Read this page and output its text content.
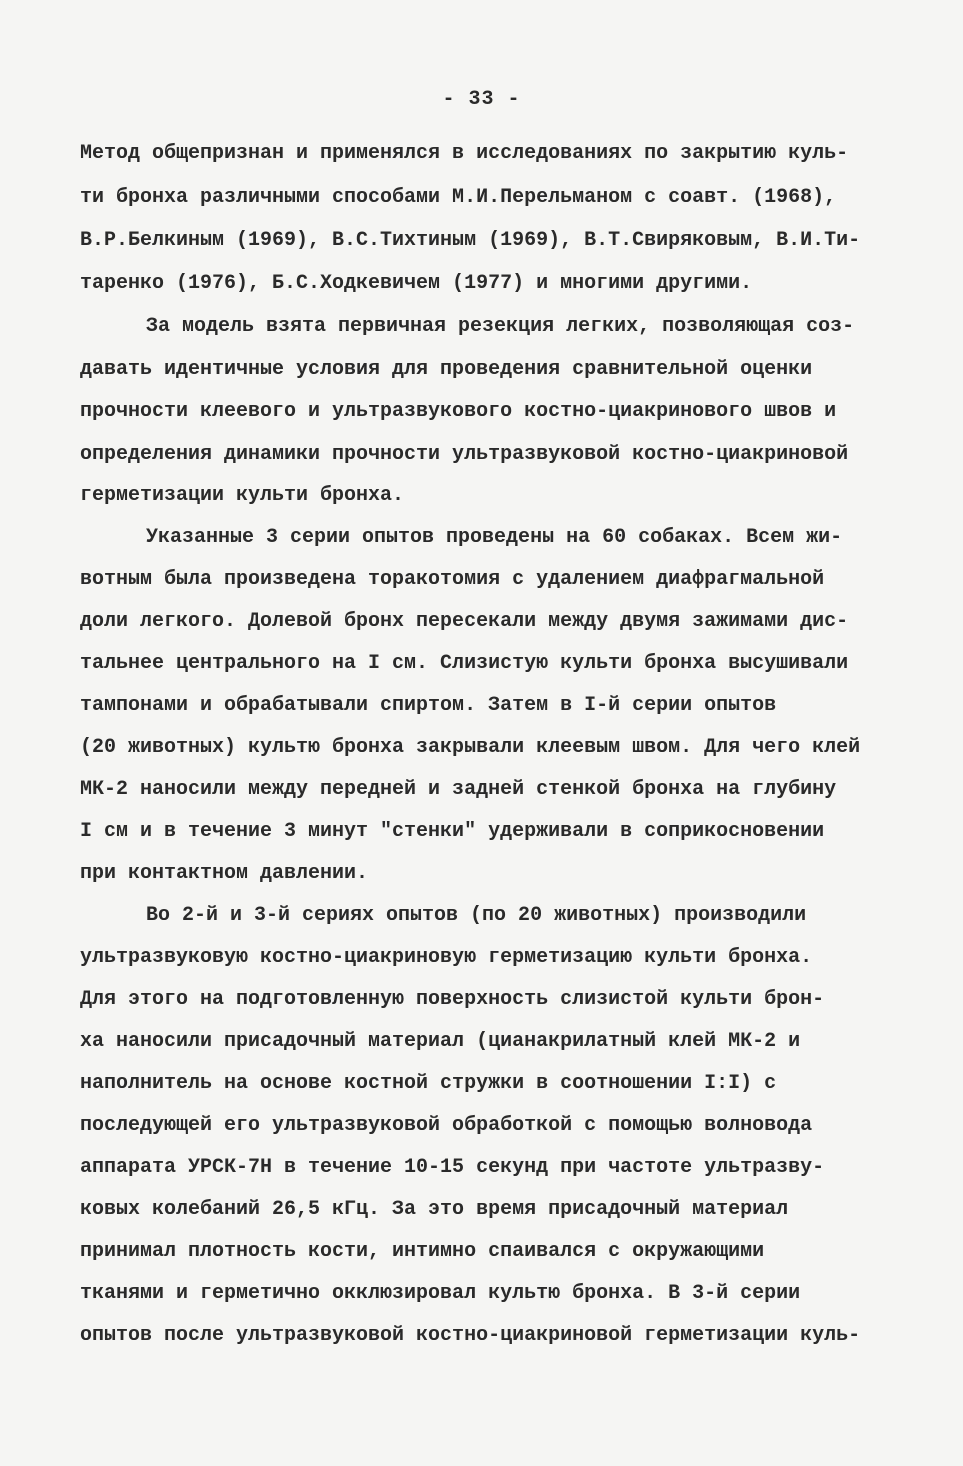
- 33 -
Метод общепризнан и применялся в исследованиях по закрытию куль-
ти бронха различными способами М.И.Перельманом с соавт. (1968),
В.Р.Белкиным (1969), В.С.Тихтиным (1969), В.Т.Свиряковым, В.И.Ти-
таренко (1976), Б.С.Ходкевичем (1977) и многими другими.
За модель взята первичная резекция легких, позволяющая соз-
давать идентичные условия для проведения сравнительной оценки
прочности клеевого и ультразвукового костно-циакринового швов и
определения динамики прочности ультразвуковой костно-циакриновой
герметизации культи бронха.
Указанные 3 серии опытов проведены на 60 собаках. Всем жи-
вотным была произведена торакотомия с удалением диафрагмальной
доли легкого. Долевой бронх пересекали между двумя зажимами дис-
тальнее центрального на I см. Слизистую культи бронха высушивали
тампонами и обрабатывали спиртом. Затем в I-й серии опытов
(20 животных) культю бронха закрывали клеевым швом. Для чего клей
МК-2 наносили между передней и задней стенкой бронха на глубину
I см и в течение 3 минут "стенки" удерживали в соприкосновении
при контактном давлении.
Во 2-й и 3-й сериях опытов (по 20 животных) производили
ультразвуковую костно-циакриновую герметизацию культи бронха.
Для этого на подготовленную поверхность слизистой культи брон-
ха наносили присадочный материал (цианакрилатный клей МК-2 и
наполнитель на основе костной стружки в соотношении I:I) с
последующей его ультразвуковой обработкой с помощью волновода
аппарата УРСК-7Н в течение 10-15 секунд при частоте ультразву-
ковых колебаний 26,5 кГц. За это время присадочный материал
принимал плотность кости, интимно спаивался с окружающими
тканями и герметично окклюзировал культю бронха. В 3-й серии
опытов после ультразвуковой костно-циакриновой герметизации куль-
